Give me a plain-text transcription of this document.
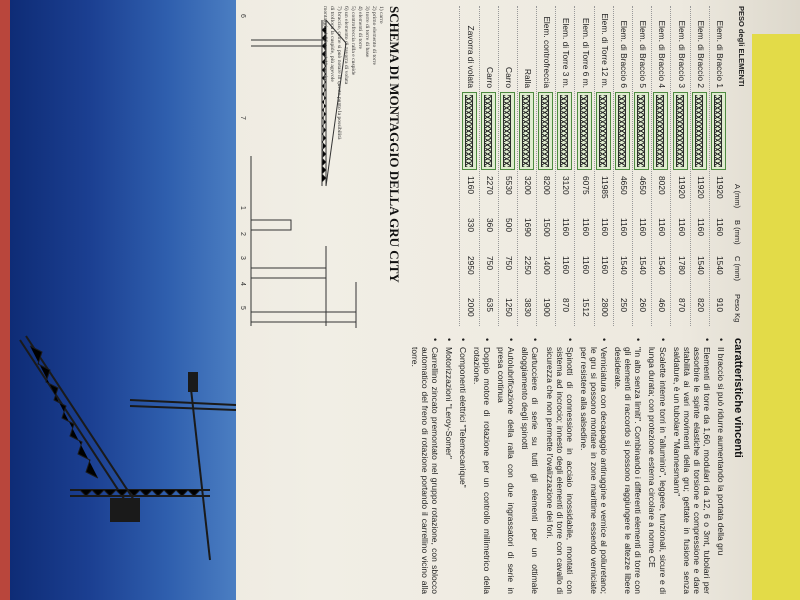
PESO degli ELEMENTI
A (mm)
B (mm)
C (mm)
Peso Kg
Elem. di Braccio 1
11920
1160
1540
910
Elem. di Braccio 2
11920
1160
1540
820
Elem. di Braccio 3
11920
1160
1780
870
Elem. di Braccio 4
8020
1160
1540
460
Elem. di Braccio 5
4650
1160
1540
260
Elem. di Braccio 6
4650
1160
1540
250
Elem. di Torre 12 m.
11985
1160
1160
2800
Elem. di Torre 6 m.
6075
1160
1160
1512
Elem. di Torre 3 m.
3120
1160
1160
870
Elem. controfreccia
8200
1500
1400
1900
Ralla
3200
1690
2250
3830
Carro
5530
500
750
1250
Carro
2270
360
750
635
Zavorra di volata
1160
330
2950
2000
SCHEMA DI MONTAGGIO DELLA GRU CITY
1
2
3
4
5
6
7
1) carro
2) primo elemento di torre
3) torre di torre di base
4) elementi di torre
5) controfreccia ralla e cuspide
6) un elemento di zavorra di volata
7) braccio, come si può notare in questo punto la possibilità
di trollocu la cuspide, più agevole
montaggio dell'intero del braccio
caratteristiche vincenti
• Il braccio si può ridurre aumentando la portata della gru
• Elementi di torre da 1,60, modulari da 12, 6 o 3mt, tubolari per assorbire le spinte elastiche di torsione e compressione e dare stabilità ai vari movimenti della gru; gettate in fusione senza saldature, è un tubolare "Mannesmann"
• Scalette interne torri in "alluminio", leggere, funzionali, sicure e di lunga durata; con protezione esterna circolare a norme CE
• "In alto senza limiti". Combinando i differenti elementi di torre con gli elementi di raccordo si possono raggiungere le altezze libere desiderate.
• Verniciatura con decapaggio antiruggine e vernice al poliuretano; le gru si possono montare in zone marittime essendo verniciate per resistere alla salsedine.
• Spinotti di connessione in acciaio inossidabile, montati con sistema ad incrocio; innesto degli elementi di torre con cavallo di sicurezza che non permette l'ovalizzazione dei fori.
• Cartucciere di serie su tutti gli elementi per un ottimale alloggiamento degli spinotti
• Autolubrificazione della ralla con due ingrassatori di serie in presa continua
• Doppio motore di rotazione per un controllo millimetrico della rotazione.
• Componenti elettrici "Telemecanique"
• Motorizzazioni "Leroy-Somer"
• Carrellino zincato premontato nel gruppo rotazione, con sblocco automatico del freno di rotazione portando il carrellino vicino alla torre.
